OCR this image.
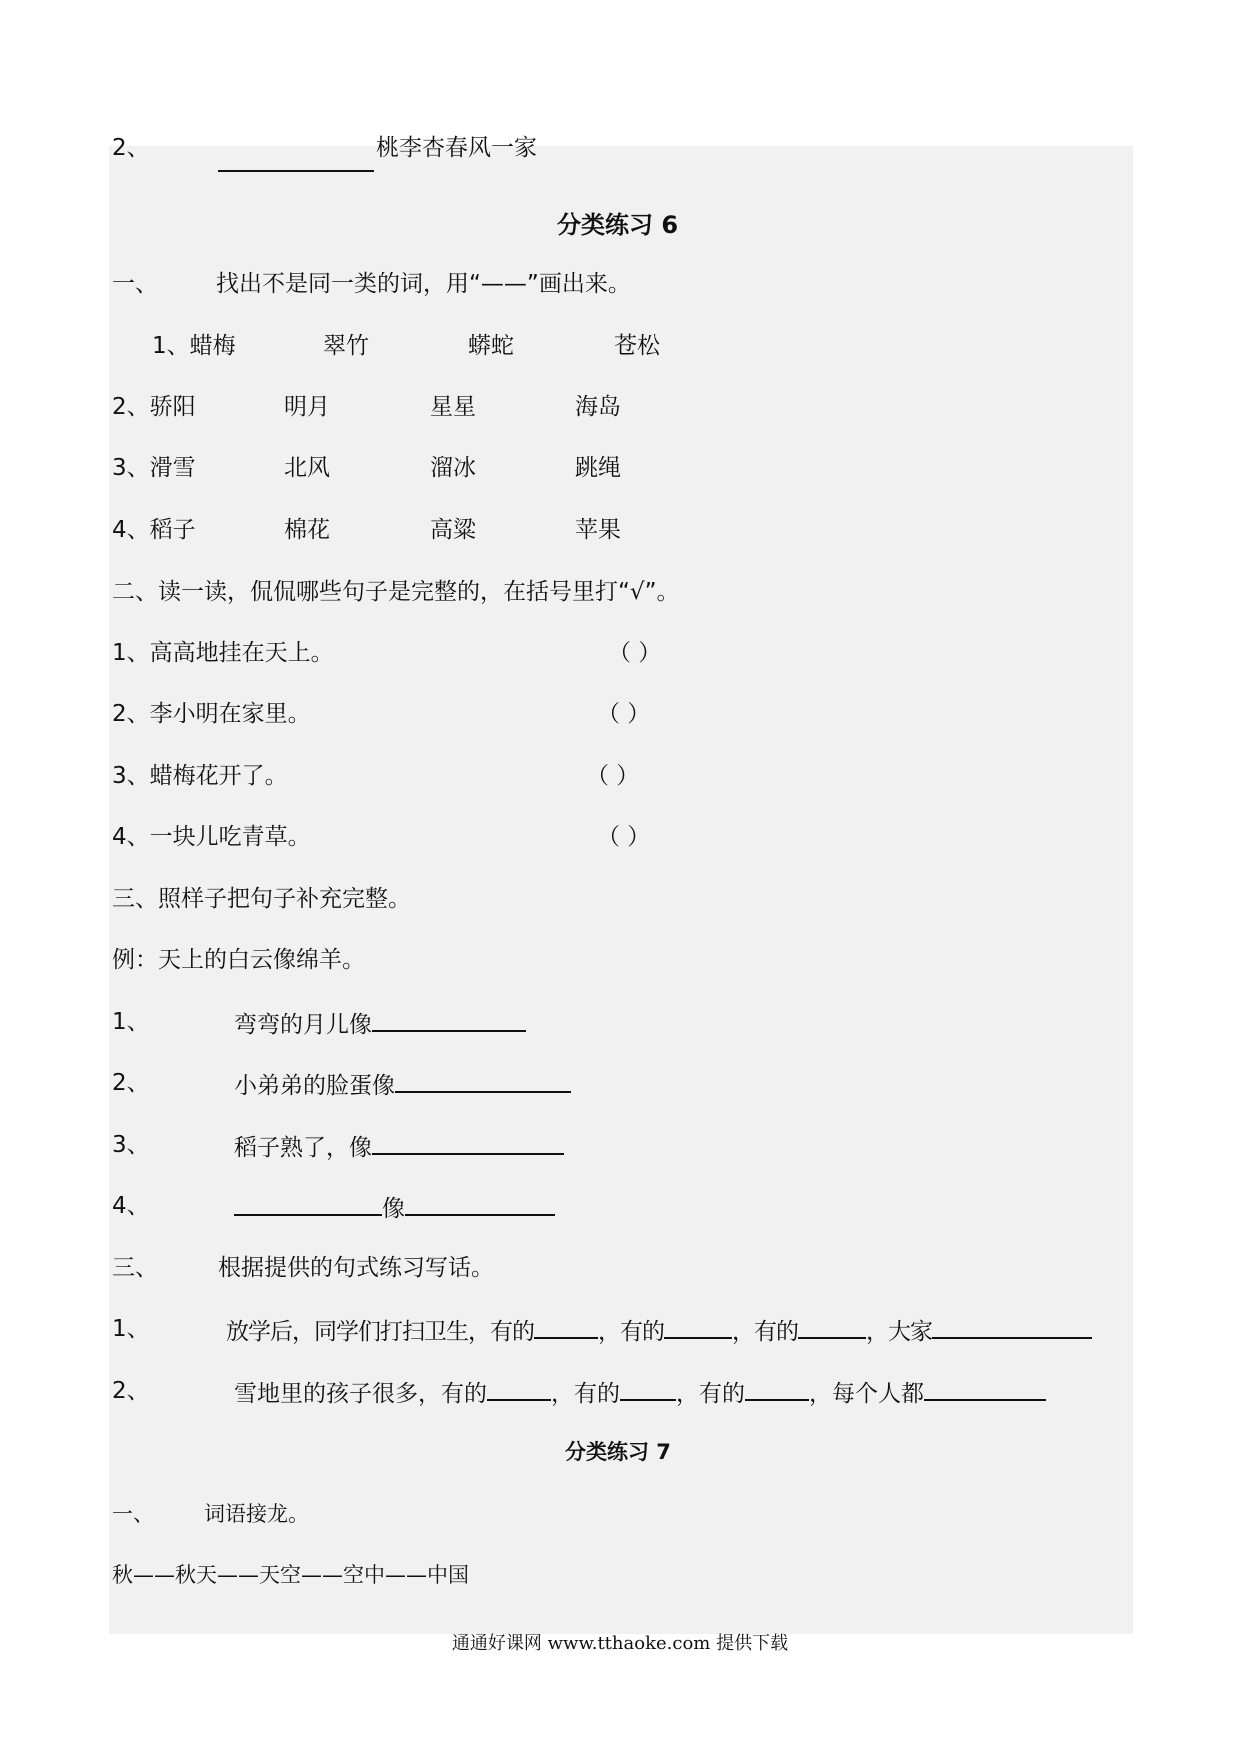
2、	桃李杏春风一家
分类练习 6
一、	找出不是同一类的词，用“——”画出来。
1、蜡梅	翠竹	蟒蛇	苍松
2、骄阳	明月	星星	海岛
3、滑雪	北风	溜冰	跳绳
4、稻子	棉花	高粱	苹果
二、读一读，侃侃哪些句子是完整的，在括号里打“√”。
1、高高地挂在天上。	（ ）
2、李小明在家里。	（ ）
3、蜡梅花开了。	（ ）
4、一块儿吃青草。	（ ）
三、照样子把句子补充完整。
例：天上的白云像绵羊。
1、	弯弯的月儿像
2、	小弟弟的脸蛋像
3、	稻子熟了，像
4、	像
三、	根据提供的句式练习写话。
1、	放学后，同学们打扫卫生，有的	，有的	，有的	，大家
2、	雪地里的孩子很多，有的	，有的 ，有的	，每个人都
分类练习 7
一、 词语接龙。
秋——秋天——天空——空中——中国
通通好课网 www.tthaoke.com 提供下载
